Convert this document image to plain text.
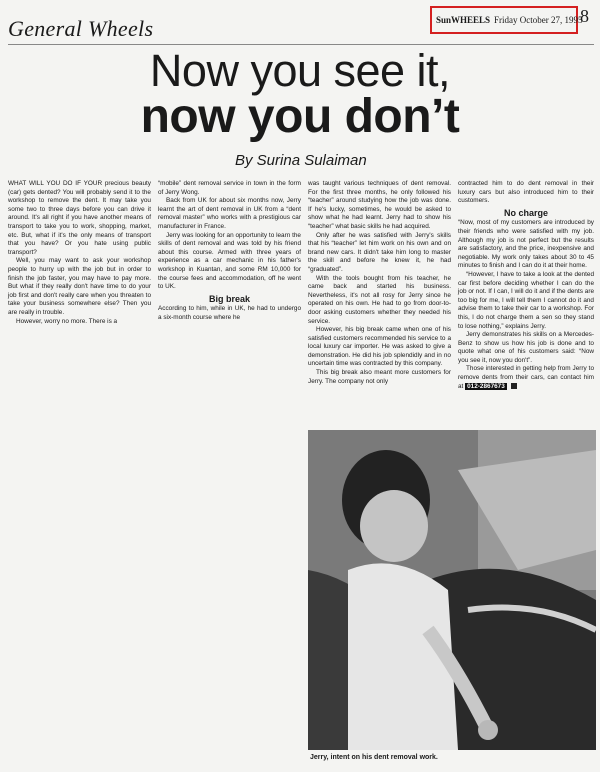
General Wheels	SunWHEELS Friday October 27, 1995
8
Now you see it,
now you don’t
By Surina Sulaiman

WHAT WILL YOU DO IF YOUR precious beauty (car) gets dented? You will probably send it to the workshop to remove the dent. It may take you some two to three days before you can drive it around. It's all right if you have another means of transport to take you to work, shopping, market, etc. But, what if it's the only means of transport that you have? Or you hate using public transport?

Well, you may want to ask your workshop people to hurry up with the job but in order to finish the job faster, you may have to pay more. But what if they really don't have time to do your job first and don't really care when you threaten to take your business somewhere else? Then you are really in trouble.

However, worry no more. There is a

“mobile” dent removal service in town in the form of Jerry Wong.

Back from UK for about six months now, Jerry learnt the art of dent removal in UK from a “dent removal master” who works with a prestigious car manufacturer in France.

Jerry was looking for an opportunity to learn the skills of dent removal and was told by his friend about this course. Armed with three years of experience as a car mechanic in his father's workshop in Kuantan, and some RM 10,000 for the course fees and accommodation, off he went to UK.

Big break

According to him, while in UK, he had to undergo a six-month course where he

was taught various techniques of dent removal. For the first three months, he only followed his “teacher” around studying how the job was done. If he's lucky, sometimes, he would be asked to show what he had learnt. Jerry had to show his “teacher” what basic skills he had acquired.

Only after he was satisfied with Jerry's skills that his “teacher” let him work on his own and on brand new cars. It didn't take him long to master the skill and before he knew it, he had “graduated”.

With the tools bought from his teacher, he came back and started his business. Nevertheless, it's not all rosy for Jerry since he operated on his own. He had to go from door-to-door asking customers whether they needed his service.

However, his big break came when one of his satisfied customers recommended his service to a local luxury car importer. He was asked to give a demonstration. He did his job splendidly and in no uncertain time was contracted by this company.

This big break also meant more customers for Jerry. The company not only

contracted him to do dent removal in their luxury cars but also introduced him to their customers.

No charge

“Now, most of my customers are introduced by their friends who were satisfied with my job. Although my job is not perfect but the results are satisfactory, and the price, inexpensive and negotiable. My work only takes about 30 to 45 minutes to finish and I can do it at their home.

“However, I have to take a look at the dented car first before deciding whether I can do the job or not. If I can, I will do it and if the dents are too big for me, I will tell them I cannot do it and advise them to take their car to a workshop. For this, I do not charge them a sen so they stand to lose nothing,” explains Jerry.

Jerry demonstrates his skills on a Mercedes-Benz to show us how his job is done and to quote what one of his customers said: “Now you see it, now you don't”.

Those interested in getting help from Jerry to remove dents from their cars, can contact him at 012-2867673

Jerry, intent on his dent removal work.
